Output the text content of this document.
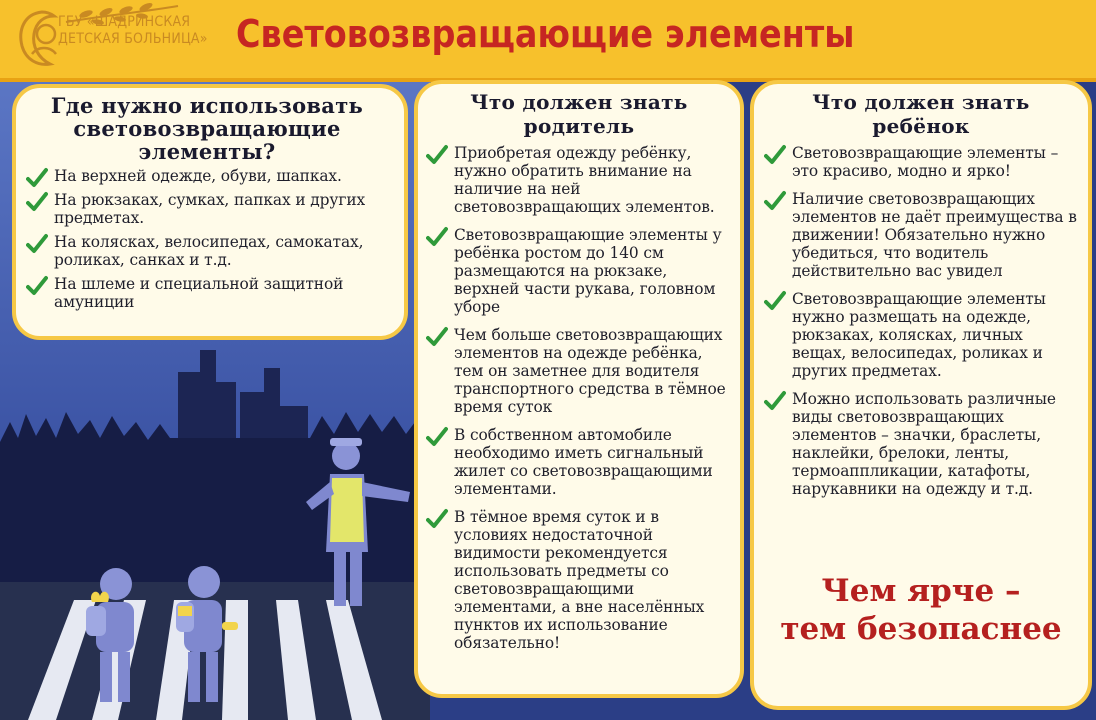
ГБУ «ШАДРИНСКАЯ
ДЕТСКАЯ БОЛЬНИЦА» Световозвращающие элементы
Где нужно использовать
световозвращающие
элементы?
На верхней одежде, обуви, шапках.
На рюкзаках, сумках, папках и других предметах.
На колясках, велосипедах, самокатах, роликах, санках и т.д.
На шлеме и специальной защитной амуниции
Что должен знать
родитель
Приобретая одежду ребёнку, нужно обратить внимание на наличие на ней световозвращающих элементов.
Световозвращающие элементы у ребёнка ростом до 140 см размещаются на рюкзаке, верхней части рукава, головном уборе
Чем больше световозвращающих элементов на одежде ребёнка, тем он заметнее для водителя транспортного средства в тёмное время суток
В собственном автомобиле необходимо иметь сигнальный жилет со световозвращающими элементами.
В тёмное время суток и в условиях недостаточной видимости рекомендуется использовать предметы со световозвращающими элементами, а вне населённых пунктов их использование обязательно!
Что должен знать
ребёнок
Световозвращающие элементы – это красиво, модно и ярко!
Наличие световозвращающих элементов не даёт преимущества в движении! Обязательно нужно убедиться, что водитель действительно вас увидел
Световозвращающие элементы нужно размещать на одежде, рюкзаках, колясках, личных вещах, велосипедах, роликах и других предметах.
Можно использовать различные виды световозвращающих элементов – значки, браслеты, наклейки, брелоки, ленты, термоаппликации, катафоты, нарукавники на одежду и т.д.
Чем ярче –
тем безопаснее
